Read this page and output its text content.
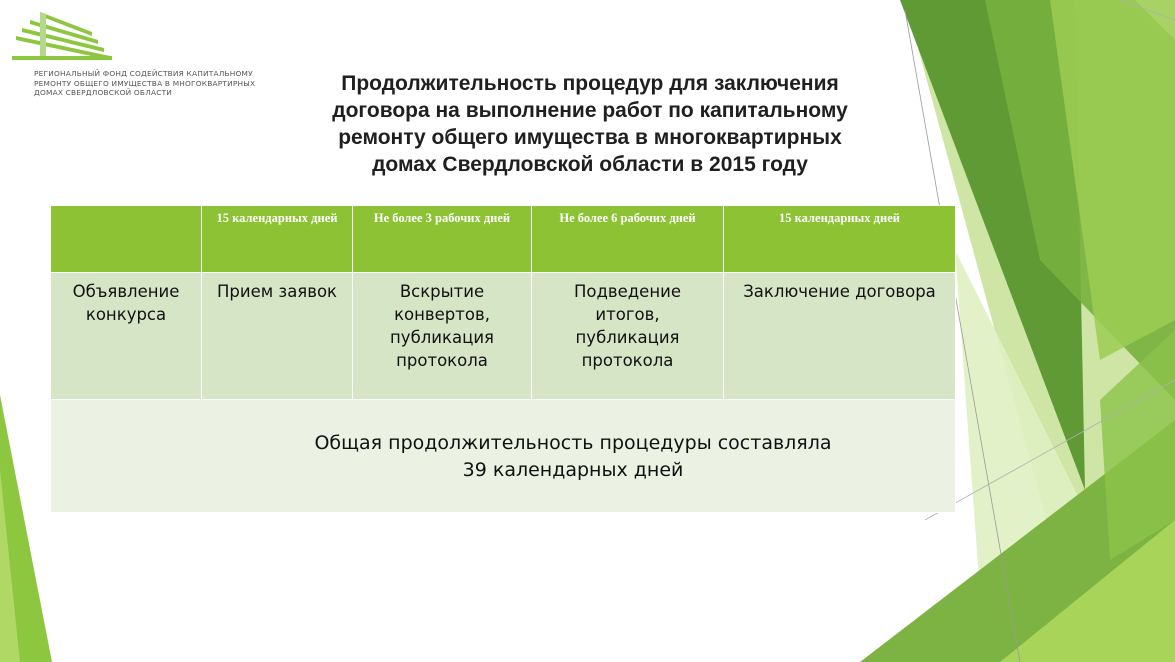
РЕГИОНАЛЬНЫЙ ФОНД СОДЕЙСТВИЯ КАПИТАЛЬНОМУ
РЕМОНТУ ОБЩЕГО ИМУЩЕСТВА В МНОГОКВАРТИРНЫХ
ДОМАХ СВЕРДЛОВСКОЙ ОБЛАСТИ	Продолжительность процедур для заключения
договора на выполнение работ по капитальному
ремонту общего имущества в многоквартирных
домах Свердловской области в 2015 году

	15 календарных дней	Не более 3 рабочих дней	Не более 6 рабочих дней	15 календарных дней

Объявление конкурса	Прием заявок	Вскрытие конвертов, публикация протокола	Подведение итогов, публикация протокола	Заключение договора

Общая продолжительность процедуры составляла
39 календарных дней				
